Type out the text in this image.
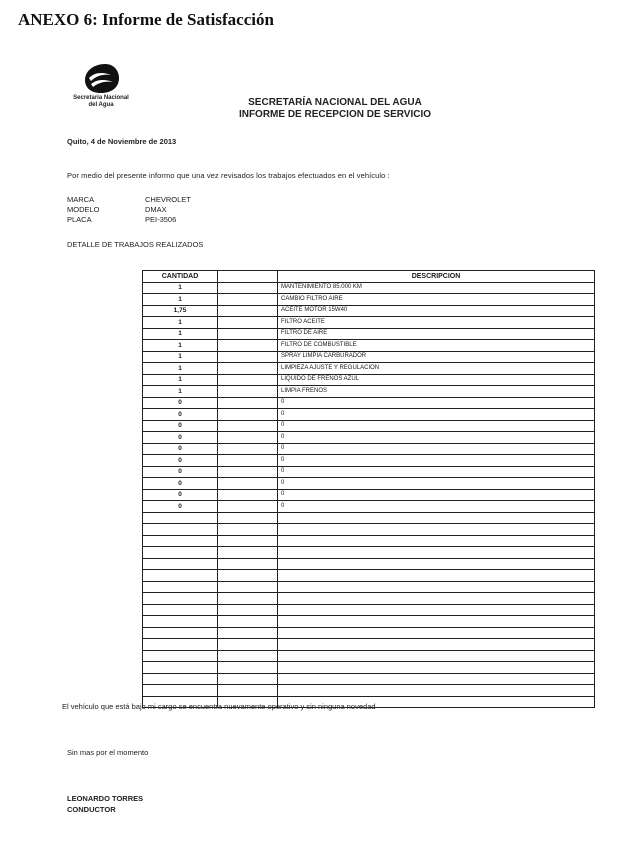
ANEXO 6: Informe de Satisfacción
Secretaría Nacional
del Agua	SECRETARÍA NACIONAL DEL AGUA
INFORME DE RECEPCION DE SERVICIO
Quito, 4 de Noviembre de 2013
Por medio del presente informo que una vez revisados los trabajos efectuados en el vehículo :
MARCA	CHEVROLET
MODELO	DMAX
PLACA	PEI-3506
DETALLE DE TRABAJOS REALIZADOS
CANTIDAD		DESCRIPCION
1		MANTENIMIENTO 85.000 KM
1		CAMBIO FILTRO AIRE
1,75		ACEITE MOTOR 15W40
1		FILTRO ACEITE
1		FILTRO DE AIRE
1		FILTRO DE COMBUSTIBLE
1		SPRAY LIMPIA CARBURADOR
1		LIMPIEZA AJUSTE Y REGULACION
1		LIQUIDO DE FRENOS AZUL
1		LIMPIA FRENOS
0		0
0		0
0		0
0		0
0		0
0		0
0		0
0		0
0		0
0		0

El vehículo que está bajo mi cargo se encuentra nuevamente operativo y sin ninguna novedad
Sin mas por el momento
LEONARDO TORRES
CONDUCTOR
